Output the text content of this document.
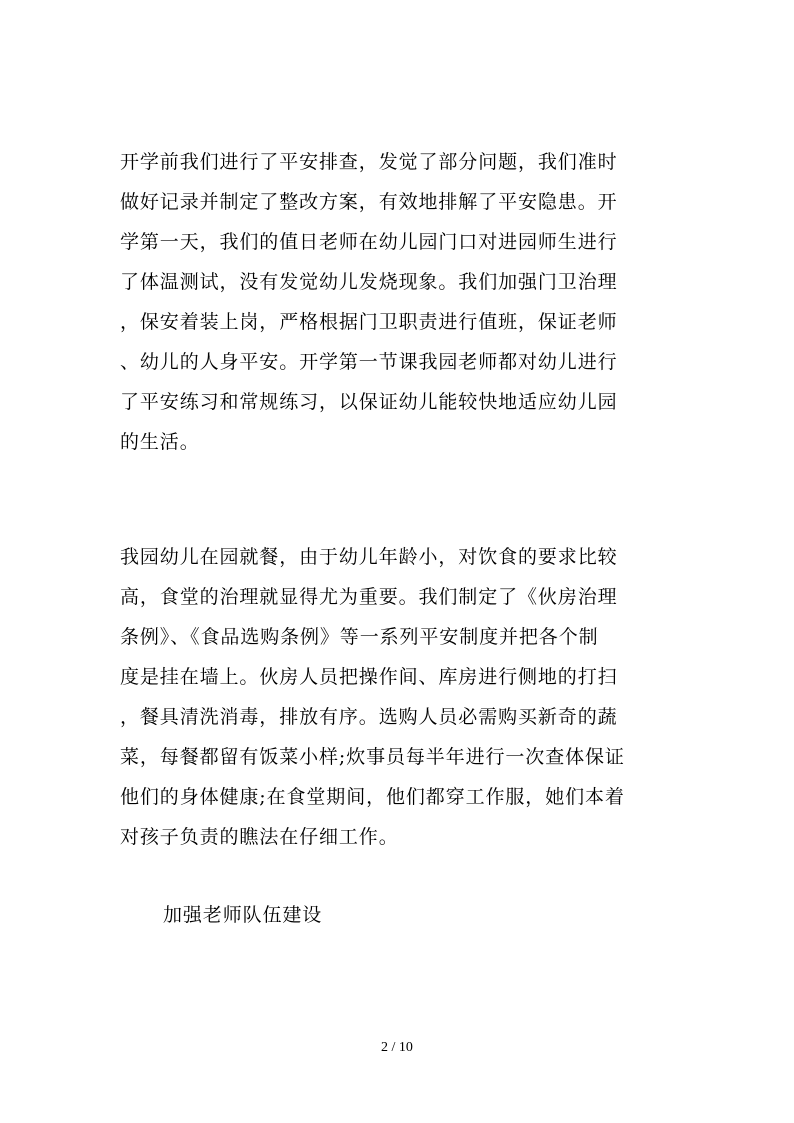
开学前我们进行了平安排查，发觉了部分问题，我们准时
做好记录并制定了整改方案，有效地排解了平安隐患。开
学第一天，我们的值日老师在幼儿园门口对进园师生进行
了体温测试，没有发觉幼儿发烧现象。我们加强门卫治理
，保安着装上岗，严格根据门卫职责进行值班，保证老师
、幼儿的人身平安。开学第一节课我园老师都对幼儿进行
了平安练习和常规练习，以保证幼儿能较快地适应幼儿园
的生活。
我园幼儿在园就餐，由于幼儿年龄小，对饮食的要求比较
高，食堂的治理就显得尤为重要。我们制定了《伙房治理
条例》、《食品选购条例》等一系列平安制度并把各个制
度是挂在墙上。伙房人员把操作间、库房进行侧地的打扫
，餐具清洗消毒，排放有序。选购人员必需购买新奇的蔬
菜，每餐都留有饭菜小样;炊事员每半年进行一次查体保证
他们的身体健康;在食堂期间，他们都穿工作服，她们本着
对孩子负责的瞧法在仔细工作。

加强老师队伍建设

2 / 10
